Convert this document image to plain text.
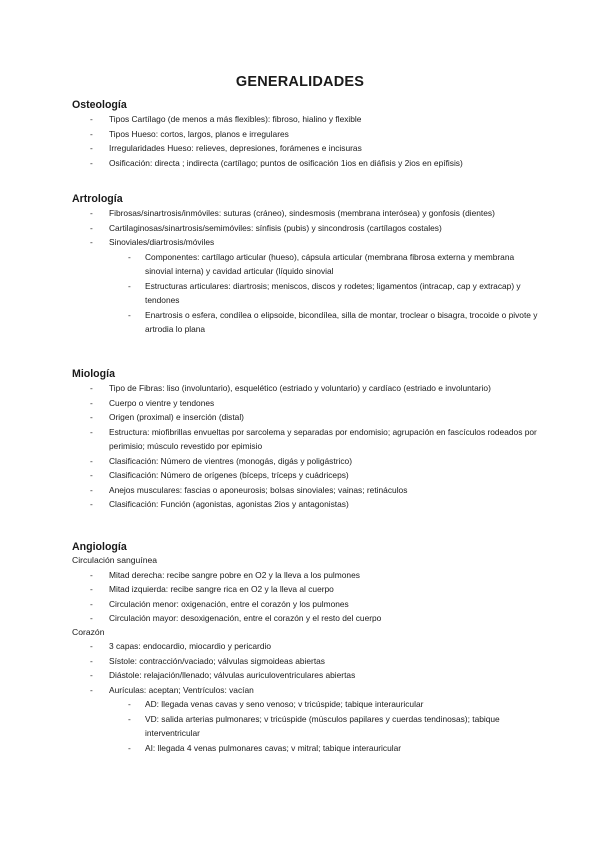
GENERALIDADES

Osteología

- Tipos Cartílago (de menos a más flexibles): fibroso, hialino y flexible
- Tipos Hueso: cortos, largos, planos e irregulares
- Irregularidades Hueso: relieves, depresiones, forámenes e incisuras
- Osificación: directa ; indirecta (cartílago; puntos de osificación 1ios en diáfisis y 2ios en epífisis)

Artrología

- Fibrosas/sinartrosis/inmóviles: suturas (cráneo), sindesmosis (membrana interósea) y gonfosis (dientes)
- Cartilaginosas/sinartrosis/semimóviles: sínfisis (pubis) y sincondrosis (cartílagos costales)
- Sinoviales/diartrosis/móviles
- Componentes: cartílago articular (hueso), cápsula articular (membrana fibrosa externa y membrana sinovial interna) y cavidad articular (líquido sinovial
- Estructuras articulares: diartrosis; meniscos, discos y rodetes; ligamentos (intracap, cap y extracap) y tendones
- Enartrosis o esfera, condílea o elipsoide, bicondílea, silla de montar, troclear o bisagra, trocoide o pivote y artrodia lo plana

Miología

- Tipo de Fibras: liso (involuntario), esquelético (estriado y voluntario) y cardíaco (estriado e involuntario)
- Cuerpo o vientre y tendones
- Origen (proximal) e inserción (distal)
- Estructura: miofibrillas envueltas por sarcolema y separadas por endomisio; agrupación en fascículos rodeados por perimisio; músculo revestido por epimisio
- Clasificación: Número de vientres (monogás, digás y poligástrico)
- Clasificación: Número de orígenes (bíceps, tríceps y cuádriceps)
- Anejos musculares: fascias o aponeurosis; bolsas sinoviales; vainas; retináculos
- Clasificación: Función (agonistas, agonistas 2ios y antagonistas)

Angiología

Circulación sanguínea

- Mitad derecha: recibe sangre pobre en O2 y la lleva a los pulmones
- Mitad izquierda: recibe sangre rica en O2 y la lleva al cuerpo
- Circulación menor: oxigenación, entre el corazón y los pulmones
- Circulación mayor: desoxigenación, entre el corazón y el resto del cuerpo

Corazón

- 3 capas: endocardio, miocardio y pericardio
- Sístole: contracción/vaciado; válvulas sigmoideas abiertas
- Diástole: relajación/llenado; válvulas auriculoventriculares abiertas
- Aurículas: aceptan; Ventrículos: vacían
- AD: llegada venas cavas y seno venoso; v tricúspide; tabique interauricular
- VD: salida arterias pulmonares; v tricúspide (músculos papilares y cuerdas tendinosas); tabique interventricular
- AI: llegada 4 venas pulmonares cavas; v mitral; tabique interauricular
